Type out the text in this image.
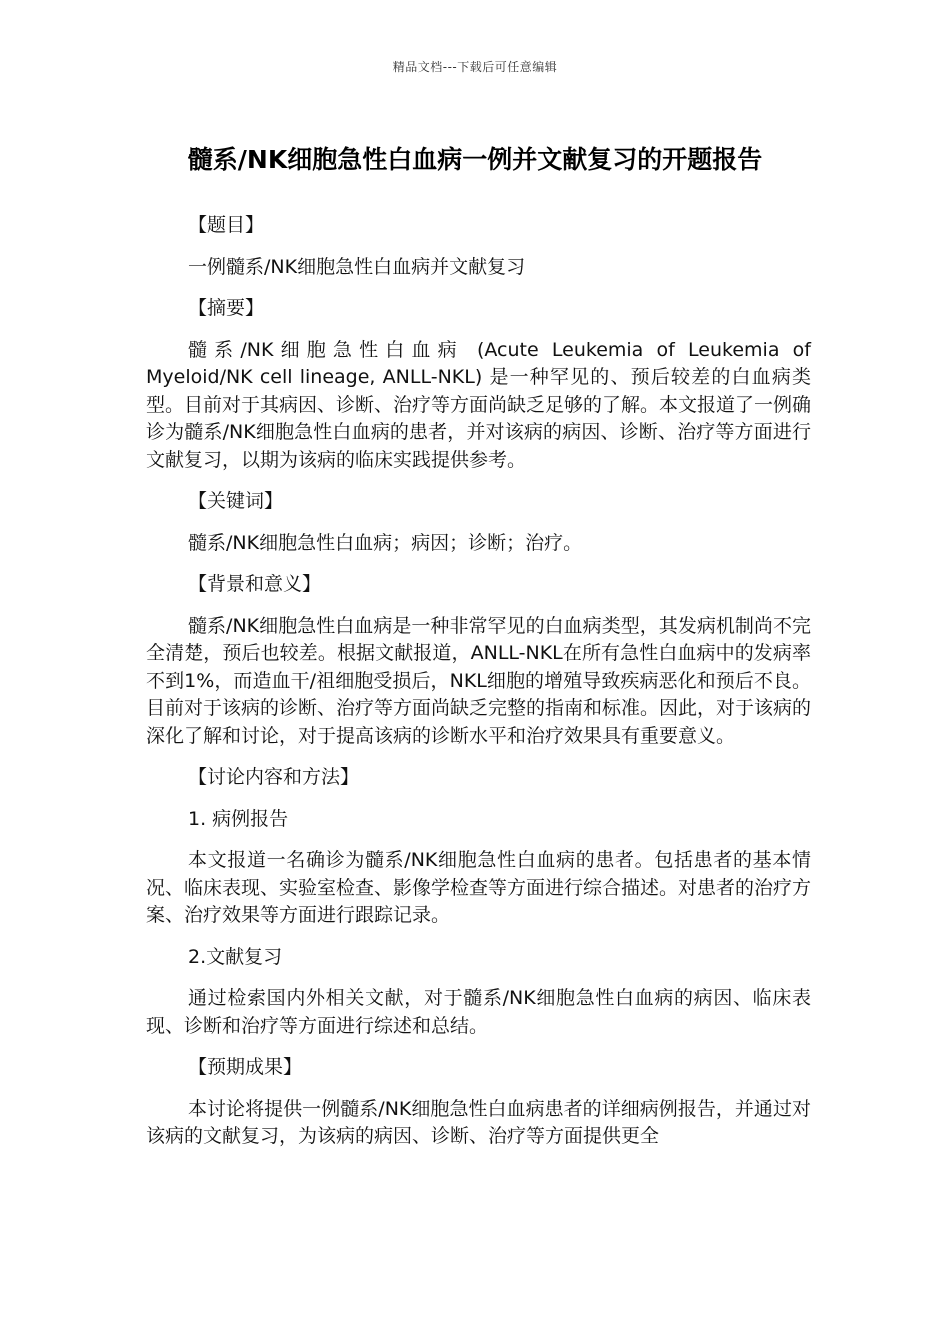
精品文档---下载后可任意编辑
髓系/NK细胞急性白血病一例并文献复习的开题报告

【题目】

一例髓系/NK细胞急性白血病并文献复习

【摘要】

髓系/NK细胞急性白血病 (Acute Leukemia of Leukemia of Myeloid/NK cell lineage, ANLL-NKL) 是一种罕见的、预后较差的白血病类型。目前对于其病因、诊断、治疗等方面尚缺乏足够的了解。本文报道了一例确诊为髓系/NK细胞急性白血病的患者，并对该病的病因、诊断、治疗等方面进行文献复习，以期为该病的临床实践提供参考。

【关键词】

髓系/NK细胞急性白血病；病因；诊断；治疗。

【背景和意义】

髓系/NK细胞急性白血病是一种非常罕见的白血病类型，其发病机制尚不完全清楚，预后也较差。根据文献报道，ANLL-NKL在所有急性白血病中的发病率不到1%，而造血干/祖细胞受损后，NKL细胞的增殖导致疾病恶化和预后不良。目前对于该病的诊断、治疗等方面尚缺乏完整的指南和标准。因此，对于该病的深化了解和讨论，对于提高该病的诊断水平和治疗效果具有重要意义。

【讨论内容和方法】

1. 病例报告

本文报道一名确诊为髓系/NK细胞急性白血病的患者。包括患者的基本情况、临床表现、实验室检查、影像学检查等方面进行综合描述。对患者的治疗方案、治疗效果等方面进行跟踪记录。

2.文献复习

通过检索国内外相关文献，对于髓系/NK细胞急性白血病的病因、临床表现、诊断和治疗等方面进行综述和总结。

【预期成果】

本讨论将提供一例髓系/NK细胞急性白血病患者的详细病例报告，并通过对该病的文献复习，为该病的病因、诊断、治疗等方面提供更全
